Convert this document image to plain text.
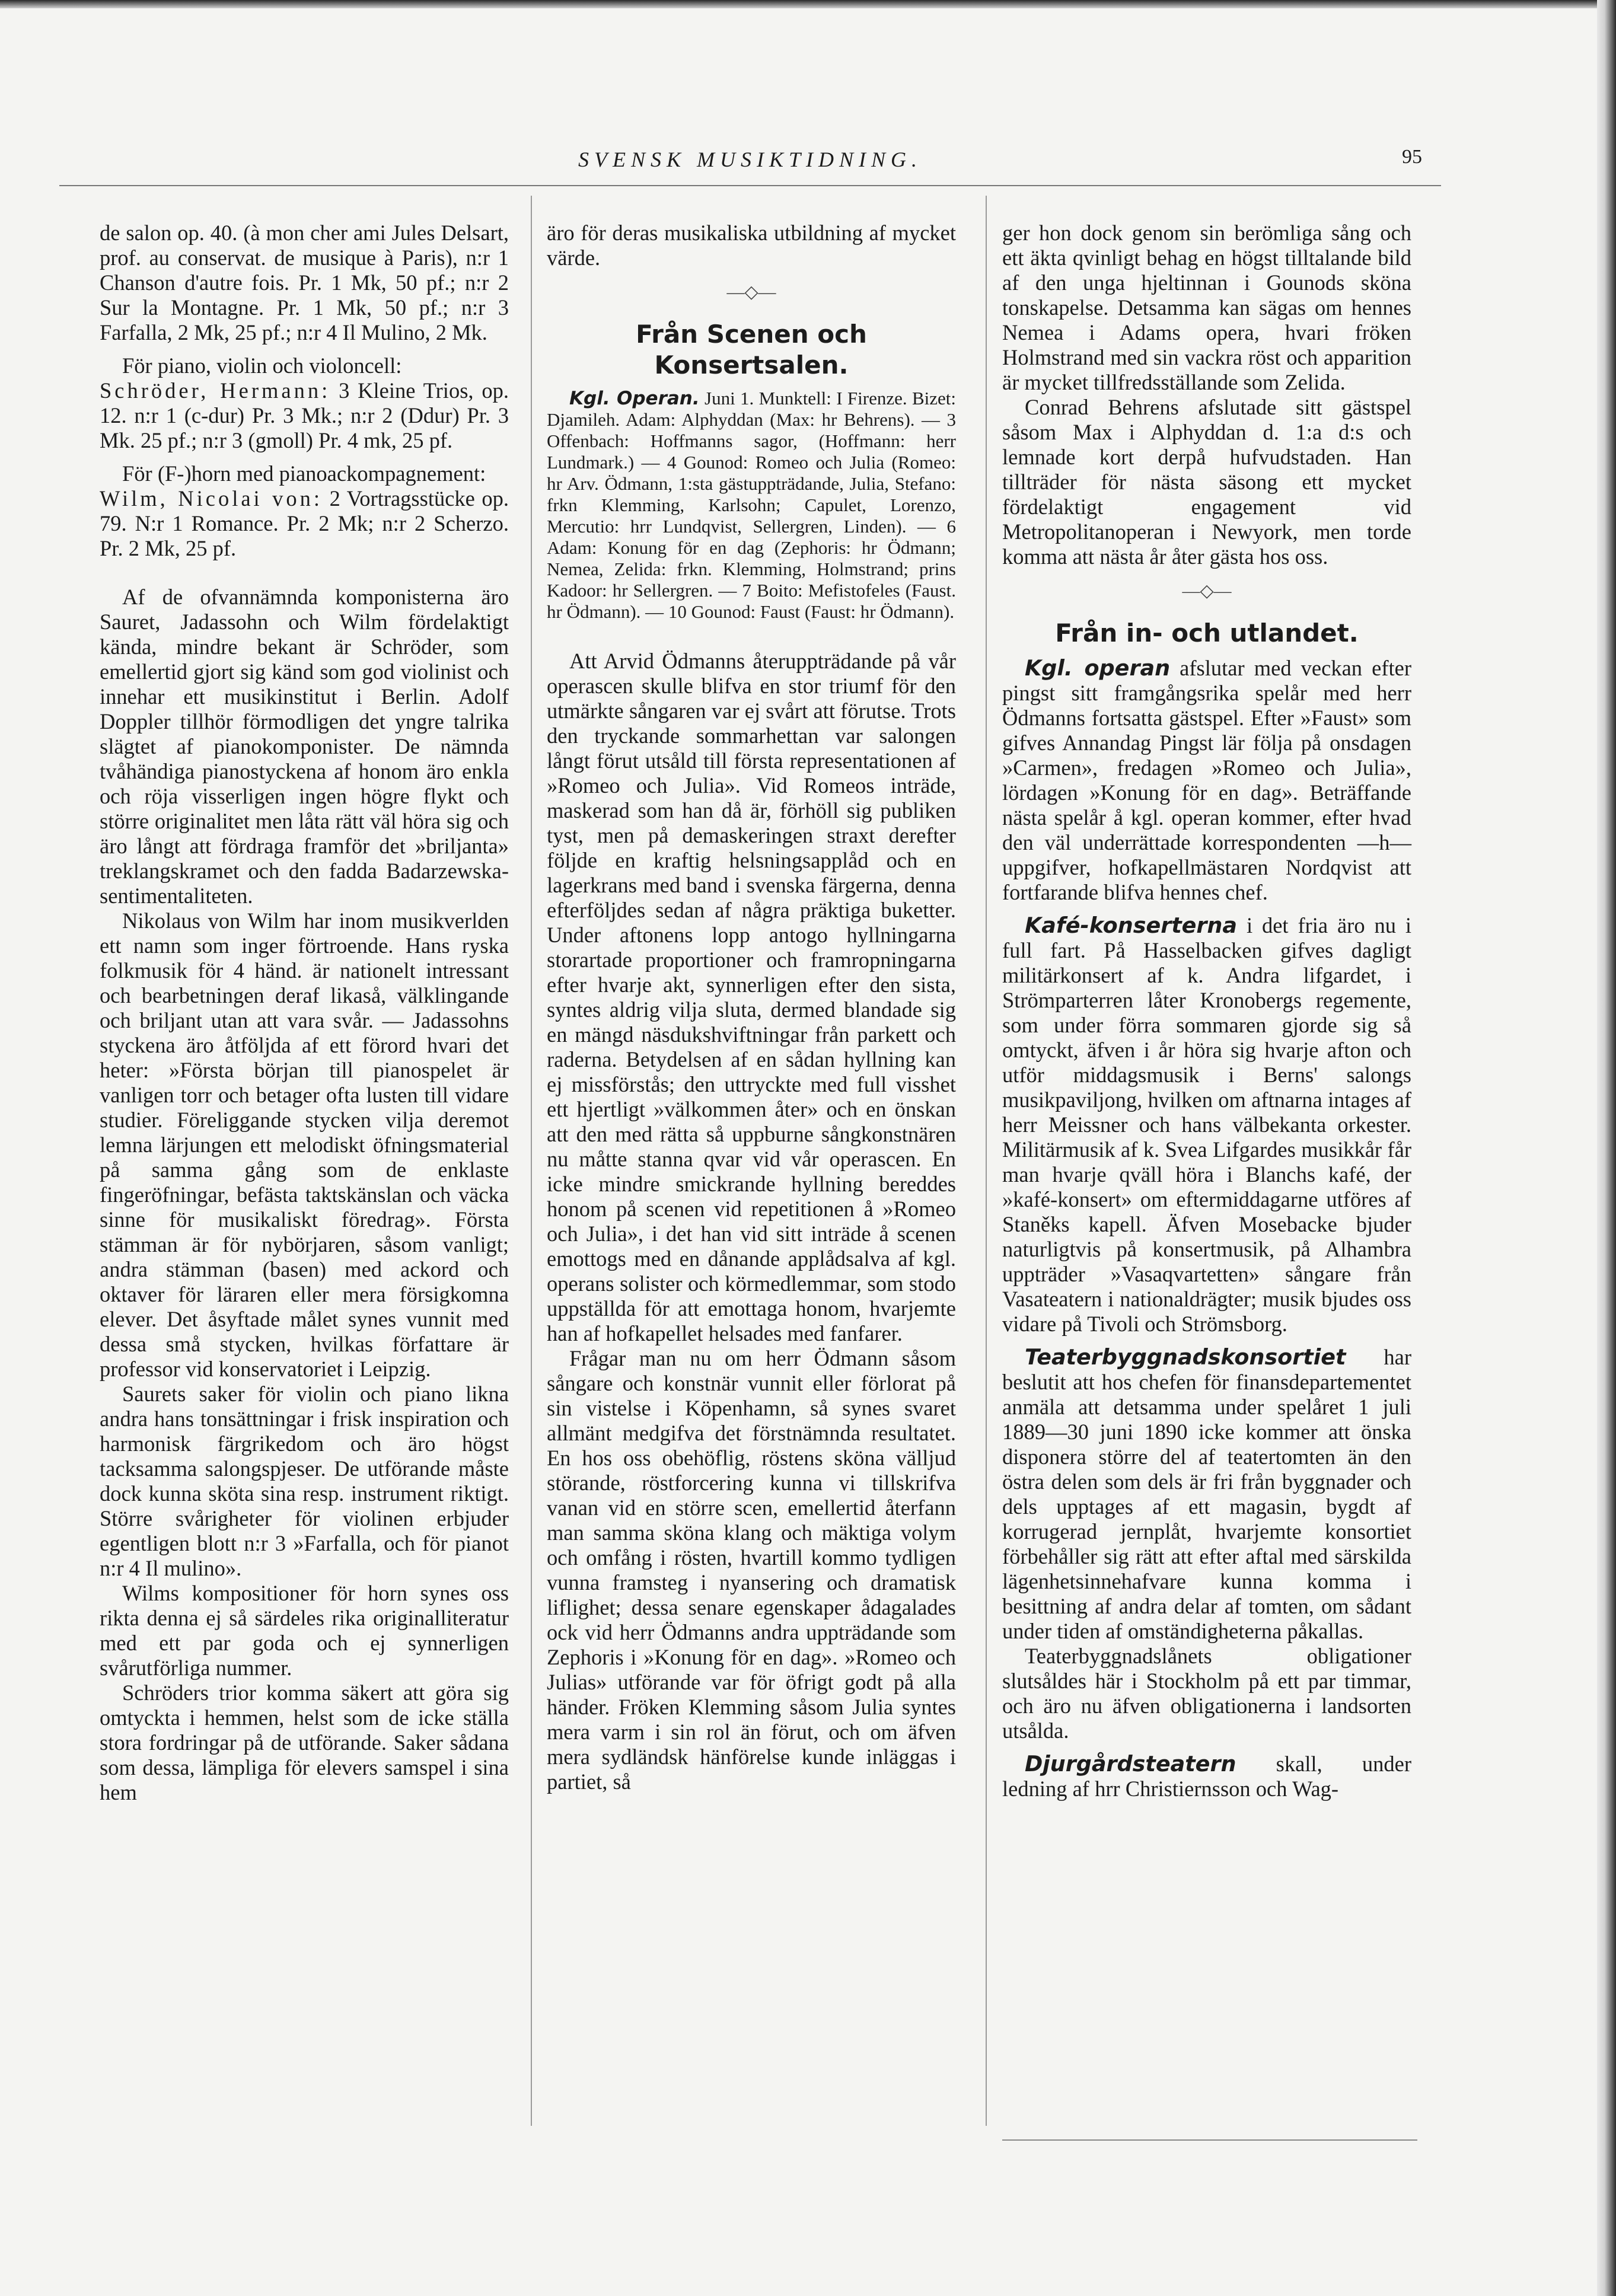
SVENSK MUSIKTIDNING.	95

de salon op. 40. (à mon cher ami Jules Delsart, prof. au conservat. de musique à Paris), n:r 1 Chanson d'autre fois. Pr. 1 Mk, 50 pf.; n:r 2 Sur la Montagne. Pr. 1 Mk, 50 pf.; n:r 3 Farfalla, 2 Mk, 25 pf.; n:r 4 Il Mulino, 2 Mk.

För piano, violin och violoncell:

Schröder, Hermann: 3 Kleine Trios, op. 12. n:r 1 (c-dur) Pr. 3 Mk.; n:r 2 (Ddur) Pr. 3 Mk. 25 pf.; n:r 3 (gmoll) Pr. 4 mk, 25 pf.

För (F-)horn med pianoackompagnement:

Wilm, Nicolai von: 2 Vortragsstücke op. 79. N:r 1 Romance. Pr. 2 Mk; n:r 2 Scherzo. Pr. 2 Mk, 25 pf.

Af de ofvannämnda komponisterna äro Sauret, Jadassohn och Wilm fördelaktigt kända, mindre bekant är Schröder, som emellertid gjort sig känd som god violinist och innehar ett musikinstitut i Berlin. Adolf Doppler tillhör förmodligen det yngre talrika slägtet af pianokomponister. De nämnda tvåhändiga pianostyckena af honom äro enkla och röja visserligen ingen högre flykt och större originalitet men låta rätt väl höra sig och äro långt att fördraga framför det »briljanta» treklangskramet och den fadda Badarzewska-sentimentaliteten.

Nikolaus von Wilm har inom musikverlden ett namn som inger förtroende. Hans ryska folkmusik för 4 händ. är nationelt intressant och bearbetningen deraf likaså, välklingande och briljant utan att vara svår. — Jadassohns styckena äro åtföljda af ett förord hvari det heter: »Första början till pianospelet är vanligen torr och betager ofta lusten till vidare studier. Föreliggande stycken vilja deremot lemna lärjungen ett melodiskt öfningsmaterial på samma gång som de enklaste fingeröfningar, befästa taktskänslan och väcka sinne för musikaliskt föredrag». Första stämman är för nybörjaren, såsom vanligt; andra stämman (basen) med ackord och oktaver för läraren eller mera försigkomna elever. Det åsyftade målet synes vunnit med dessa små stycken, hvilkas författare är professor vid konservatoriet i Leipzig.

Saurets saker för violin och piano likna andra hans tonsättningar i frisk inspiration och harmonisk färgrikedom och äro högst tacksamma salongspjeser. De utförande måste dock kunna sköta sina resp. instrument riktigt. Större svårigheter för violinen erbjuder egentligen blott n:r 3 »Farfalla, och för pianot n:r 4 Il mulino».

Wilms kompositioner för horn synes oss rikta denna ej så särdeles rika originalliteratur med ett par goda och ej synnerligen svårutförliga nummer.

Schröders trior komma säkert att göra sig omtyckta i hemmen, helst som de icke ställa stora fordringar på de utförande. Saker sådana som dessa, lämpliga för elevers samspel i sina hem

äro för deras musikaliska utbildning af mycket värde.

—◇—
Från Scenen och Konsertsalen.

Kgl. Operan. Juni 1. Munktell: I Firenze. Bizet: Djamileh. Adam: Alphyddan (Max: hr Behrens). — 3 Offenbach: Hoffmanns sagor, (Hoffmann: herr Lundmark.) — 4 Gounod: Romeo och Julia (Romeo: hr Arv. Ödmann, 1:sta gästuppträdande, Julia, Stefano: frkn Klemming, Karlsohn; Capulet, Lorenzo, Mercutio: hrr Lundqvist, Sellergren, Linden). — 6 Adam: Konung för en dag (Zephoris: hr Ödmann; Nemea, Zelida: frkn. Klemming, Holmstrand; prins Kadoor: hr Sellergren. — 7 Boito: Mefistofeles (Faust. hr Ödmann). — 10 Gounod: Faust (Faust: hr Ödmann).

Att Arvid Ödmanns återuppträdande på vår operascen skulle blifva en stor triumf för den utmärkte sångaren var ej svårt att förutse. Trots den tryckande sommarhettan var salongen långt förut utsåld till första representationen af »Romeo och Julia». Vid Romeos inträde, maskerad som han då är, förhöll sig publiken tyst, men på demaskeringen straxt derefter följde en kraftig helsningsapplåd och en lagerkrans med band i svenska färgerna, denna efterföljdes sedan af några präktiga buketter. Under aftonens lopp antogo hyllningarna storartade proportioner och framropningarna efter hvarje akt, synnerligen efter den sista, syntes aldrig vilja sluta, dermed blandade sig en mängd näsdukshviftningar från parkett och raderna. Betydelsen af en sådan hyllning kan ej missförstås; den uttryckte med full visshet ett hjertligt »välkommen åter» och en önskan att den med rätta så uppburne sångkonstnären nu måtte stanna qvar vid vår operascen. En icke mindre smickrande hyllning bereddes honom på scenen vid repetitionen å »Romeo och Julia», i det han vid sitt inträde å scenen emottogs med en dånande applådsalva af kgl. operans solister och körmedlemmar, som stodo uppställda för att emottaga honom, hvarjemte han af hofkapellet helsades med fanfarer.

Frågar man nu om herr Ödmann såsom sångare och konstnär vunnit eller förlorat på sin vistelse i Köpenhamn, så synes svaret allmänt medgifva det förstnämnda resultatet. En hos oss obehöflig, röstens sköna välljud störande, röstforcering kunna vi tillskrifva vanan vid en större scen, emellertid återfann man samma sköna klang och mäktiga volym och omfång i rösten, hvartill kommo tydligen vunna framsteg i nyansering och dramatisk liflighet; dessa senare egenskaper ådagalades ock vid herr Ödmanns andra uppträdande som Zephoris i »Konung för en dag». »Romeo och Julias» utförande var för öfrigt godt på alla händer. Fröken Klemming såsom Julia syntes mera varm i sin rol än förut, och om äfven mera sydländsk hänförelse kunde inläggas i partiet, så

ger hon dock genom sin berömliga sång och ett äkta qvinligt behag en högst tilltalande bild af den unga hjeltinnan i Gounods sköna tonskapelse. Detsamma kan sägas om hennes Nemea i Adams opera, hvari fröken Holmstrand med sin vackra röst och apparition är mycket tillfredsställande som Zelida.

Conrad Behrens afslutade sitt gästspel såsom Max i Alphyddan d. 1:a d:s och lemnade kort derpå hufvudstaden. Han tillträder för nästa säsong ett mycket fördelaktigt engagement vid Metropolitanoperan i Newyork, men torde komma att nästa år åter gästa hos oss.

—◇—
Från in- och utlandet.

Kgl. operan afslutar med veckan efter pingst sitt framgångsrika spelår med herr Ödmanns fortsatta gästspel. Efter »Faust» som gifves Annandag Pingst lär följa på onsdagen »Carmen», fredagen »Romeo och Julia», lördagen »Konung för en dag». Beträffande nästa spelår å kgl. operan kommer, efter hvad den väl underrättade korrespondenten —h— uppgifver, hofkapellmästaren Nordqvist att fortfarande blifva hennes chef.

Kafé-konserterna i det fria äro nu i full fart. På Hasselbacken gifves dagligt militärkonsert af k. Andra lifgardet, i Strömparterren låter Kronobergs regemente, som under förra sommaren gjorde sig så omtyckt, äfven i år höra sig hvarje afton och utför middagsmusik i Berns' salongs musikpaviljong, hvilken om aftnarna intages af herr Meissner och hans välbekanta orkester. Militärmusik af k. Svea Lifgardes musikkår får man hvarje qväll höra i Blanchs kafé, der »kafé-konsert» om eftermiddagarne utföres af Staněks kapell. Äfven Mosebacke bjuder naturligtvis på konsertmusik, på Alhambra uppträder »Vasaqvartetten» sångare från Vasateatern i nationaldrägter; musik bjudes oss vidare på Tivoli och Strömsborg.

Teaterbyggnadskonsortiet har beslutit att hos chefen för finansdepartementet anmäla att detsamma under spelåret 1 juli 1889—30 juni 1890 icke kommer att önska disponera större del af teatertomten än den östra delen som dels är fri från byggnader och dels upptages af ett magasin, bygdt af korrugerad jernplåt, hvarjemte konsortiet förbehåller sig rätt att efter aftal med särskilda lägenhetsinnehafvare kunna komma i besittning af andra delar af tomten, om sådant under tiden af omständigheterna påkallas.

Teaterbyggnadslånets obligationer slutsåldes här i Stockholm på ett par timmar, och äro nu äfven obligationerna i landsorten utsålda.

Djurgårdsteatern skall, under ledning af hrr Christiernsson och Wag-
